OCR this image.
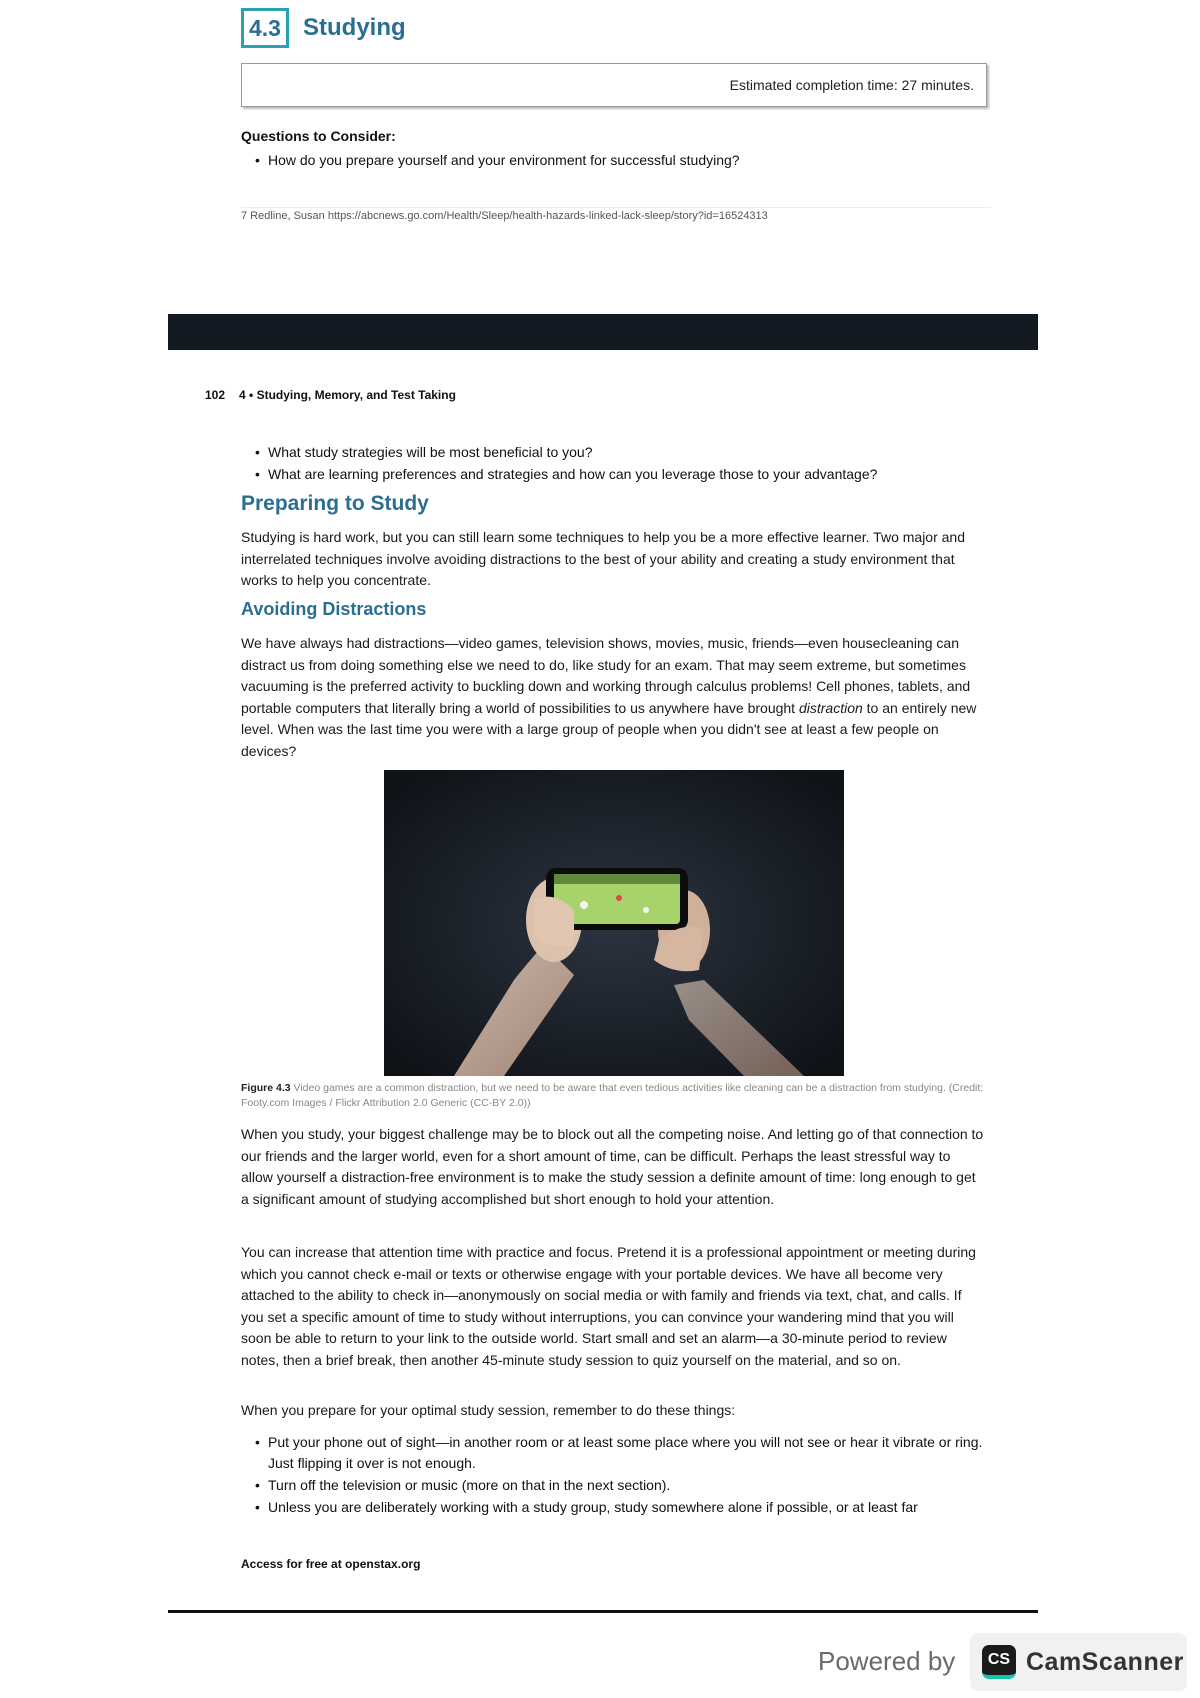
4.3 Studying
Estimated completion time: 27 minutes.
Questions to Consider:
• How do you prepare yourself and your environment for successful studying?
7 Redline, Susan https://abcnews.go.com/Health/Sleep/health-hazards-linked-lack-sleep/story?id=16524313
102 4 • Studying, Memory, and Test Taking
• What study strategies will be most beneficial to you?
• What are learning preferences and strategies and how can you leverage those to your advantage?
Preparing to Study

Studying is hard work, but you can still learn some techniques to help you be a more effective learner. Two major and interrelated techniques involve avoiding distractions to the best of your ability and creating a study environment that works to help you concentrate.

Avoiding Distractions

We have always had distractions—video games, television shows, movies, music, friends—even housecleaning can distract us from doing something else we need to do, like study for an exam. That may seem extreme, but sometimes vacuuming is the preferred activity to buckling down and working through calculus problems! Cell phones, tablets, and portable computers that literally bring a world of possibilities to us anywhere have brought distraction to an entirely new level. When was the last time you were with a large group of people when you didn't see at least a few people on devices?

Figure 4.3 Video games are a common distraction, but we need to be aware that even tedious activities like cleaning can be a distraction from studying. (Credit: Footy.com Images / Flickr Attribution 2.0 Generic (CC-BY 2.0))

When you study, your biggest challenge may be to block out all the competing noise. And letting go of that connection to our friends and the larger world, even for a short amount of time, can be difficult. Perhaps the least stressful way to allow yourself a distraction-free environment is to make the study session a definite amount of time: long enough to get a significant amount of studying accomplished but short enough to hold your attention.

You can increase that attention time with practice and focus. Pretend it is a professional appointment or meeting during which you cannot check e-mail or texts or otherwise engage with your portable devices. We have all become very attached to the ability to check in—anonymously on social media or with family and friends via text, chat, and calls. If you set a specific amount of time to study without interruptions, you can convince your wandering mind that you will soon be able to return to your link to the outside world. Start small and set an alarm—a 30-minute period to review notes, then a brief break, then another 45-minute study session to quiz yourself on the material, and so on.

When you prepare for your optimal study session, remember to do these things:

• Put your phone out of sight—in another room or at least some place where you will not see or hear it vibrate or ring. Just flipping it over is not enough.
• Turn off the television or music (more on that in the next section).
• Unless you are deliberately working with a study group, study somewhere alone if possible, or at least far
Access for free at openstax.org
Powered by	CS CamScanner
